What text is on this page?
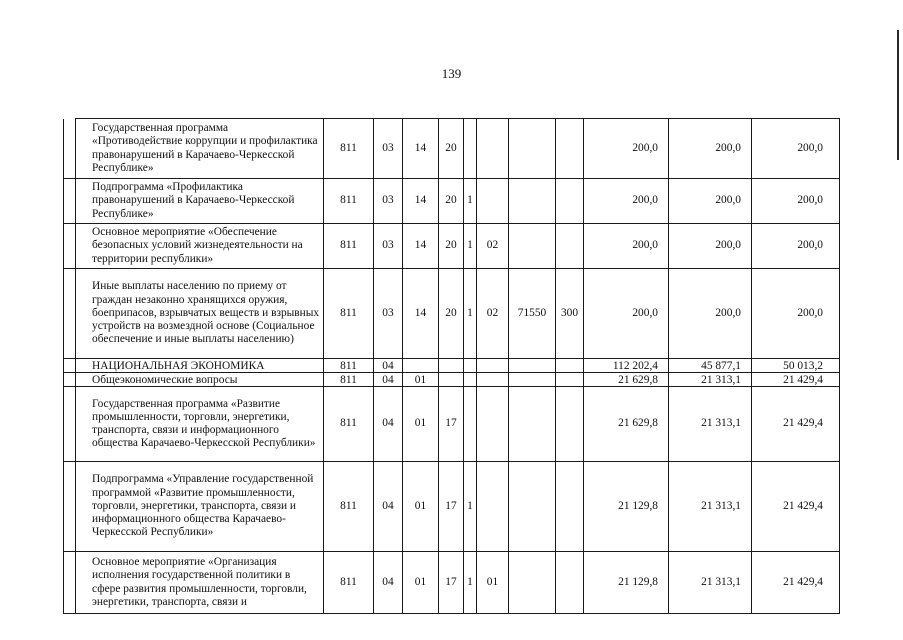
139
	Государственная программа «Противодействие коррупции и профилактика правонарушений в Карачаево-Черкесской Республике»	811	03	14	20					200,0	200,0	200,0
	Подпрограмма «Профилактика правонарушений в Карачаево-Черкесской Республике»	811	03	14	20	1				200,0	200,0	200,0
	Основное мероприятие «Обеспечение безопасных условий жизнедеятельности на территории республики»	811	03	14	20	1	02			200,0	200,0	200,0
	Иные выплаты населению по приему от граждан незаконно хранящихся оружия, боеприпасов, взрывчатых веществ и взрывных устройств на возмездной основе (Социальное обеспечение и иные выплаты населению)	811	03	14	20	1	02	71550	300	200,0	200,0	200,0
	НАЦИОНАЛЬНАЯ ЭКОНОМИКА	811	04							112 202,4	45 877,1	50 013,2
	Общеэкономические вопросы	811	04	01						21 629,8	21 313,1	21 429,4
	Государственная программа «Развитие промышленности, торговли, энергетики, транспорта, связи и информационного общества Карачаево-Черкесской Республики»	811	04	01	17					21 629,8	21 313,1	21 429,4
	Подпрограмма «Управление государственной программой «Развитие промышленности, торговли, энергетики, транспорта, связи и информационного общества Карачаево-Черкесской Республики»	811	04	01	17	1				21 129,8	21 313,1	21 429,4
	Основное мероприятие «Организация исполнения государственной политики в сфере развития промышленности, торговли, энергетики, транспорта, связи и	811	04	01	17	1	01			21 129,8	21 313,1	21 429,4
